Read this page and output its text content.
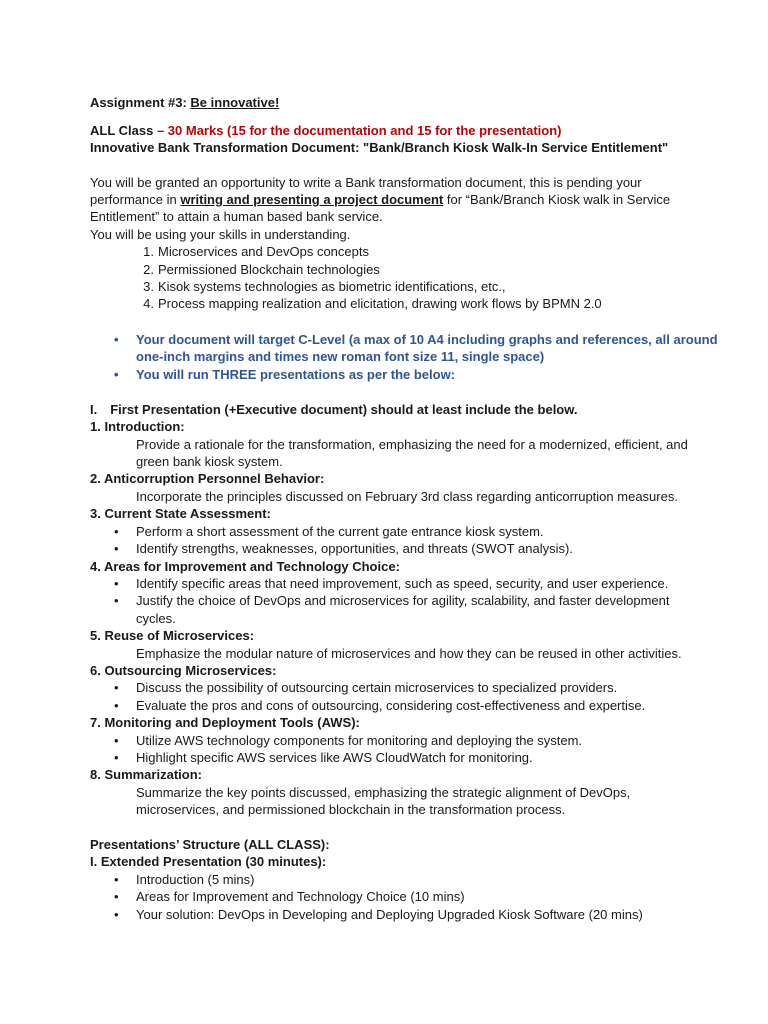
Assignment #3: Be innovative!
ALL Class – 30 Marks (15 for the documentation and 15 for the presentation)
Innovative Bank Transformation Document: "Bank/Branch Kiosk Walk-In Service Entitlement"
You will be granted an opportunity to write a Bank transformation document, this is pending your
performance in writing and presenting a project document for “Bank/Branch Kiosk walk in Service
Entitlement” to attain a human based bank service.
You will be using your skills in understanding.
1. Microservices and DevOps concepts
2. Permissioned Blockchain technologies
3. Kisok systems technologies as biometric identifications, etc.,
4. Process mapping realization and elicitation, drawing work flows by BPMN 2.0
• Your document will target C-Level (a max of 10 A4 including graphs and references, all around
one-inch margins and times new roman font size 11, single space)
• You will run THREE presentations as per the below:
I. First Presentation (+Executive document) should at least include the below.
1. Introduction:
Provide a rationale for the transformation, emphasizing the need for a modernized, efficient, and
green bank kiosk system.
2. Anticorruption Personnel Behavior:
Incorporate the principles discussed on February 3rd class regarding anticorruption measures.
3. Current State Assessment:
• Perform a short assessment of the current gate entrance kiosk system.
• Identify strengths, weaknesses, opportunities, and threats (SWOT analysis).
4. Areas for Improvement and Technology Choice:
• Identify specific areas that need improvement, such as speed, security, and user experience.
• Justify the choice of DevOps and microservices for agility, scalability, and faster development
cycles.
5. Reuse of Microservices:
Emphasize the modular nature of microservices and how they can be reused in other activities.
6. Outsourcing Microservices:
• Discuss the possibility of outsourcing certain microservices to specialized providers.
• Evaluate the pros and cons of outsourcing, considering cost-effectiveness and expertise.
7. Monitoring and Deployment Tools (AWS):
• Utilize AWS technology components for monitoring and deploying the system.
• Highlight specific AWS services like AWS CloudWatch for monitoring.
8. Summarization:
Summarize the key points discussed, emphasizing the strategic alignment of DevOps,
microservices, and permissioned blockchain in the transformation process.
Presentations’ Structure (ALL CLASS):
I. Extended Presentation (30 minutes):
• Introduction (5 mins)
• Areas for Improvement and Technology Choice (10 mins)
• Your solution: DevOps in Developing and Deploying Upgraded Kiosk Software (20 mins)
